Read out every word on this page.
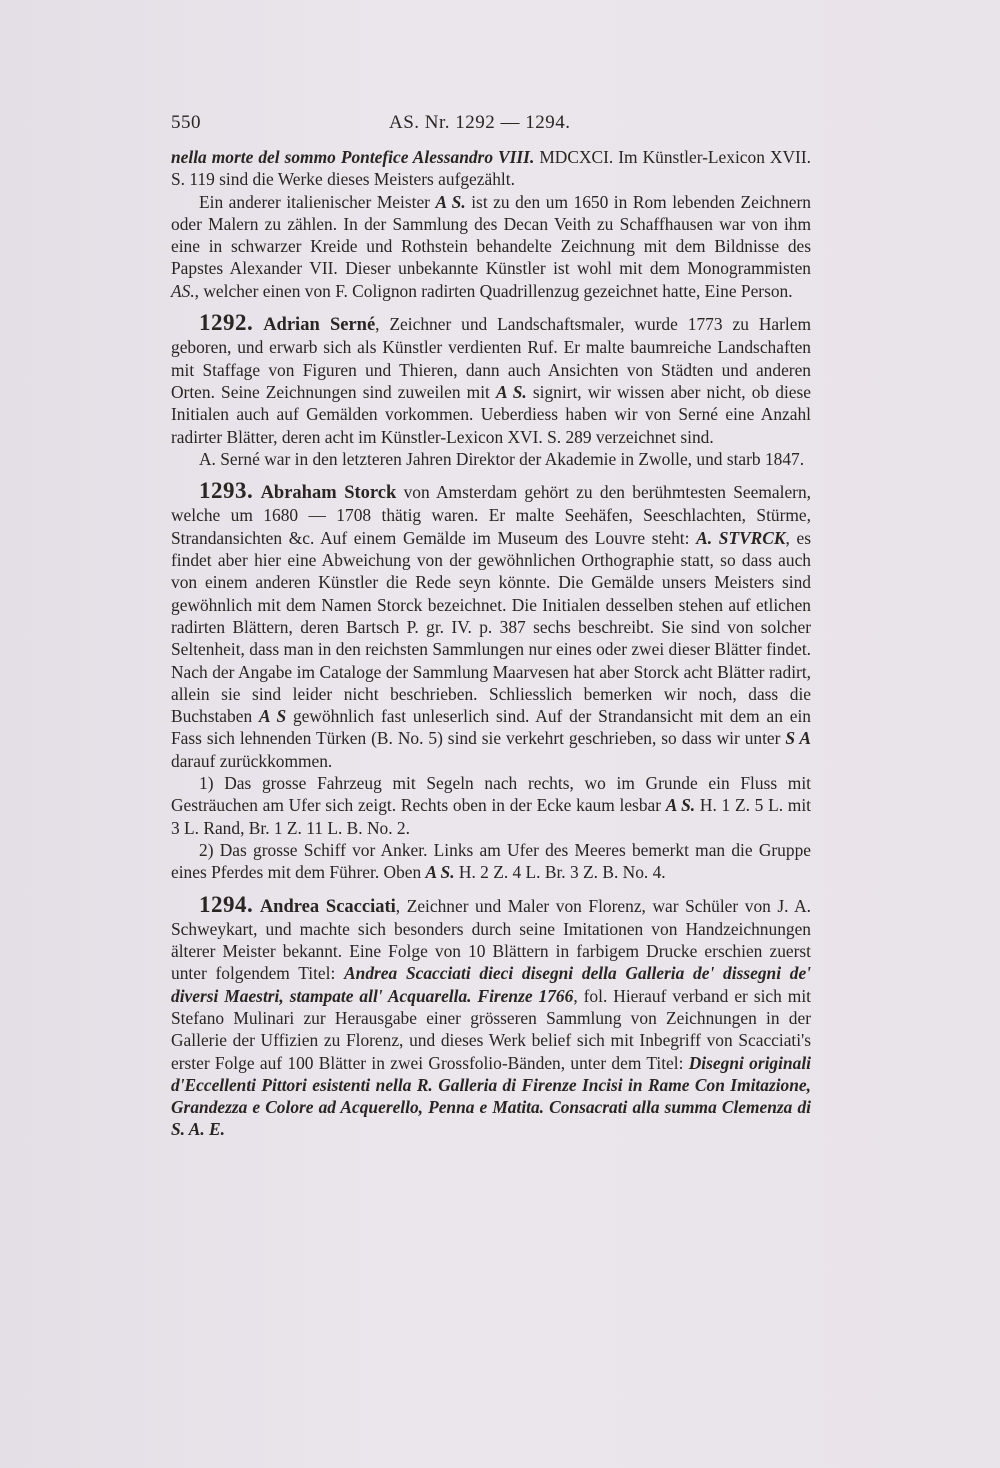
550	AS. Nr. 1292 — 1294.

nella morte del sommo Pontefice Alessandro VIII. MDCXCI. Im Künstler-Lexicon XVII. S. 119 sind die Werke dieses Meisters aufgezählt.

Ein anderer italienischer Meister A S. ist zu den um 1650 in Rom lebenden Zeichnern oder Malern zu zählen. In der Sammlung des Decan Veith zu Schaffhausen war von ihm eine in schwarzer Kreide und Rothstein behandelte Zeichnung mit dem Bildnisse des Papstes Alexander VII. Dieser unbekannte Künstler ist wohl mit dem Monogrammisten AS., welcher einen von F. Colignon radirten Quadrillenzug gezeichnet hatte, Eine Person.

1292. Adrian Serné, Zeichner und Landschaftsmaler, wurde 1773 zu Harlem geboren, und erwarb sich als Künstler verdienten Ruf. Er malte baumreiche Landschaften mit Staffage von Figuren und Thieren, dann auch Ansichten von Städten und anderen Orten. Seine Zeichnungen sind zuweilen mit A S. signirt, wir wissen aber nicht, ob diese Initialen auch auf Gemälden vorkommen. Ueberdiess haben wir von Serné eine Anzahl radirter Blätter, deren acht im Künstler-Lexicon XVI. S. 289 verzeichnet sind.

A. Serné war in den letzteren Jahren Direktor der Akademie in Zwolle, und starb 1847.

1293. Abraham Storck von Amsterdam gehört zu den berühmtesten Seemalern, welche um 1680 — 1708 thätig waren. Er malte Seehäfen, Seeschlachten, Stürme, Strandansichten &c. Auf einem Gemälde im Museum des Louvre steht: A. STVRCK, es findet aber hier eine Abweichung von der gewöhnlichen Orthographie statt, so dass auch von einem anderen Künstler die Rede seyn könnte. Die Gemälde unsers Meisters sind gewöhnlich mit dem Namen Storck bezeichnet. Die Initialen desselben stehen auf etlichen radirten Blättern, deren Bartsch P. gr. IV. p. 387 sechs beschreibt. Sie sind von solcher Seltenheit, dass man in den reichsten Sammlungen nur eines oder zwei dieser Blätter findet. Nach der Angabe im Cataloge der Sammlung Maarvesen hat aber Storck acht Blätter radirt, allein sie sind leider nicht beschrieben. Schliesslich bemerken wir noch, dass die Buchstaben A S gewöhnlich fast unleserlich sind. Auf der Strandansicht mit dem an ein Fass sich lehnenden Türken (B. No. 5) sind sie verkehrt geschrieben, so dass wir unter S A darauf zurückkommen.

1) Das grosse Fahrzeug mit Segeln nach rechts, wo im Grunde ein Fluss mit Gesträuchen am Ufer sich zeigt. Rechts oben in der Ecke kaum lesbar A S. H. 1 Z. 5 L. mit 3 L. Rand, Br. 1 Z. 11 L. B. No. 2.

2) Das grosse Schiff vor Anker. Links am Ufer des Meeres bemerkt man die Gruppe eines Pferdes mit dem Führer. Oben A S. H. 2 Z. 4 L. Br. 3 Z. B. No. 4.

1294. Andrea Scacciati, Zeichner und Maler von Florenz, war Schüler von J. A. Schweykart, und machte sich besonders durch seine Imitationen von Handzeichnungen älterer Meister bekannt. Eine Folge von 10 Blättern in farbigem Drucke erschien zuerst unter folgendem Titel: Andrea Scacciati dieci disegni della Galleria de' dissegni de' diversi Maestri, stampate all' Acquarella. Firenze 1766, fol. Hierauf verband er sich mit Stefano Mulinari zur Herausgabe einer grösseren Sammlung von Zeichnungen in der Gallerie der Uffizien zu Florenz, und dieses Werk belief sich mit Inbegriff von Scacciati's erster Folge auf 100 Blätter in zwei Grossfolio-Bänden, unter dem Titel: Disegni originali d'Eccellenti Pittori esistenti nella R. Galleria di Firenze Incisi in Rame Con Imitazione, Grandezza e Colore ad Acquerello, Penna e Matita. Consacrati alla summa Clemenza di S. A. E.
